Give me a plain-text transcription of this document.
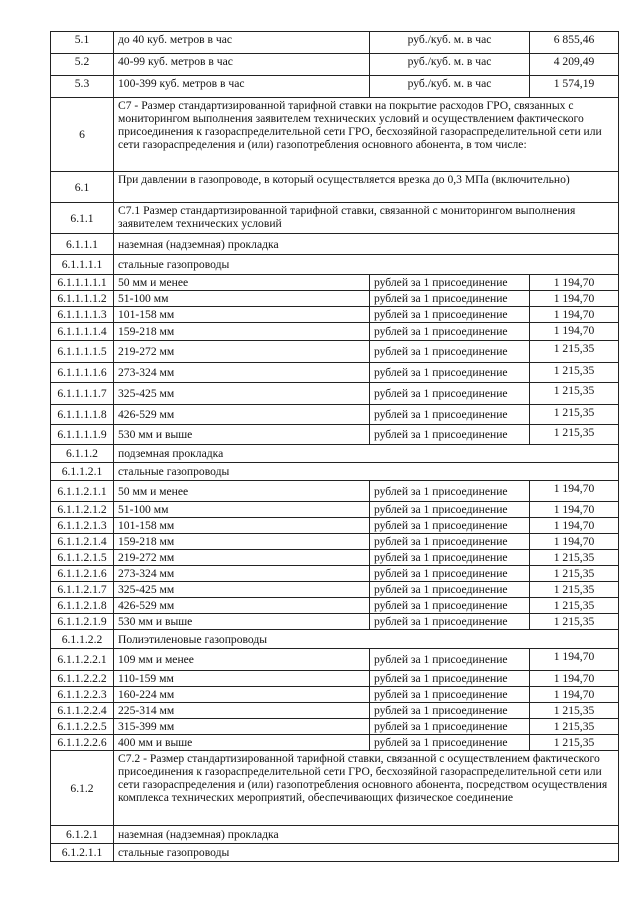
5.1	до 40 куб. метров в час	руб./куб. м. в час	6 855,46
5.2	40-99 куб. метров в час	руб./куб. м. в час	4 209,49
5.3	100-399 куб. метров в час	руб./куб. м. в час	1 574,19
6	С7 - Размер стандартизированной тарифной ставки на покрытие расходов ГРО, связанных с мониторингом выполнения заявителем технических условий и осуществлением фактического присоединения к газораспределительной сети ГРО, бесхозяйной газораспределительной сети или сети газораспределения и (или) газопотребления основного абонента, в том числе:		
6.1	При давлении в газопроводе, в который осуществляется врезка до 0,3 МПа (включительно)		
6.1.1	С7.1 Размер стандартизированной тарифной ставки, связанной с мониторингом выполнения заявителем технических условий		
6.1.1.1	наземная (надземная) прокладка		
6.1.1.1.1	стальные газопроводы		
6.1.1.1.1.1	50 мм и менее	рублей за 1 присоединение	1 194,70
6.1.1.1.1.2	51-100 мм	рублей за 1 присоединение	1 194,70
6.1.1.1.1.3	101-158 мм	рублей за 1 присоединение	1 194,70
6.1.1.1.1.4	159-218 мм	рублей за 1 присоединение	1 194,70
6.1.1.1.1.5	219-272 мм	рублей за 1 присоединение	1 215,35
6.1.1.1.1.6	273-324 мм	рублей за 1 присоединение	1 215,35
6.1.1.1.1.7	325-425 мм	рублей за 1 присоединение	1 215,35
6.1.1.1.1.8	426-529 мм	рублей за 1 присоединение	1 215,35
6.1.1.1.1.9	530 мм и выше	рублей за 1 присоединение	1 215,35
6.1.1.2	подземная прокладка		
6.1.1.2.1	стальные газопроводы		
6.1.1.2.1.1	50 мм и менее	рублей за 1 присоединение	1 194,70
6.1.1.2.1.2	51-100 мм	рублей за 1 присоединение	1 194,70
6.1.1.2.1.3	101-158 мм	рублей за 1 присоединение	1 194,70
6.1.1.2.1.4	159-218 мм	рублей за 1 присоединение	1 194,70
6.1.1.2.1.5	219-272 мм	рублей за 1 присоединение	1 215,35
6.1.1.2.1.6	273-324 мм	рублей за 1 присоединение	1 215,35
6.1.1.2.1.7	325-425 мм	рублей за 1 присоединение	1 215,35
6.1.1.2.1.8	426-529 мм	рублей за 1 присоединение	1 215,35
6.1.1.2.1.9	530 мм и выше	рублей за 1 присоединение	1 215,35
6.1.1.2.2	Полиэтиленовые газопроводы		
6.1.1.2.2.1	109 мм и менее	рублей за 1 присоединение	1 194,70
6.1.1.2.2.2	110-159 мм	рублей за 1 присоединение	1 194,70
6.1.1.2.2.3	160-224 мм	рублей за 1 присоединение	1 194,70
6.1.1.2.2.4	225-314 мм	рублей за 1 присоединение	1 215,35
6.1.1.2.2.5	315-399 мм	рублей за 1 присоединение	1 215,35
6.1.1.2.2.6	400 мм и выше	рублей за 1 присоединение	1 215,35
6.1.2	С7.2 - Размер стандартизированной тарифной ставки, связанной с осуществлением фактического присоединения к газораспределительной сети ГРО, бесхозяйной газораспределительной сети или сети газораспределения и (или) газопотребления основного абонента, посредством осуществления комплекса технических мероприятий, обеспечивающих физическое соединение		
6.1.2.1	наземная (надземная) прокладка		
6.1.2.1.1	стальные газопроводы		
